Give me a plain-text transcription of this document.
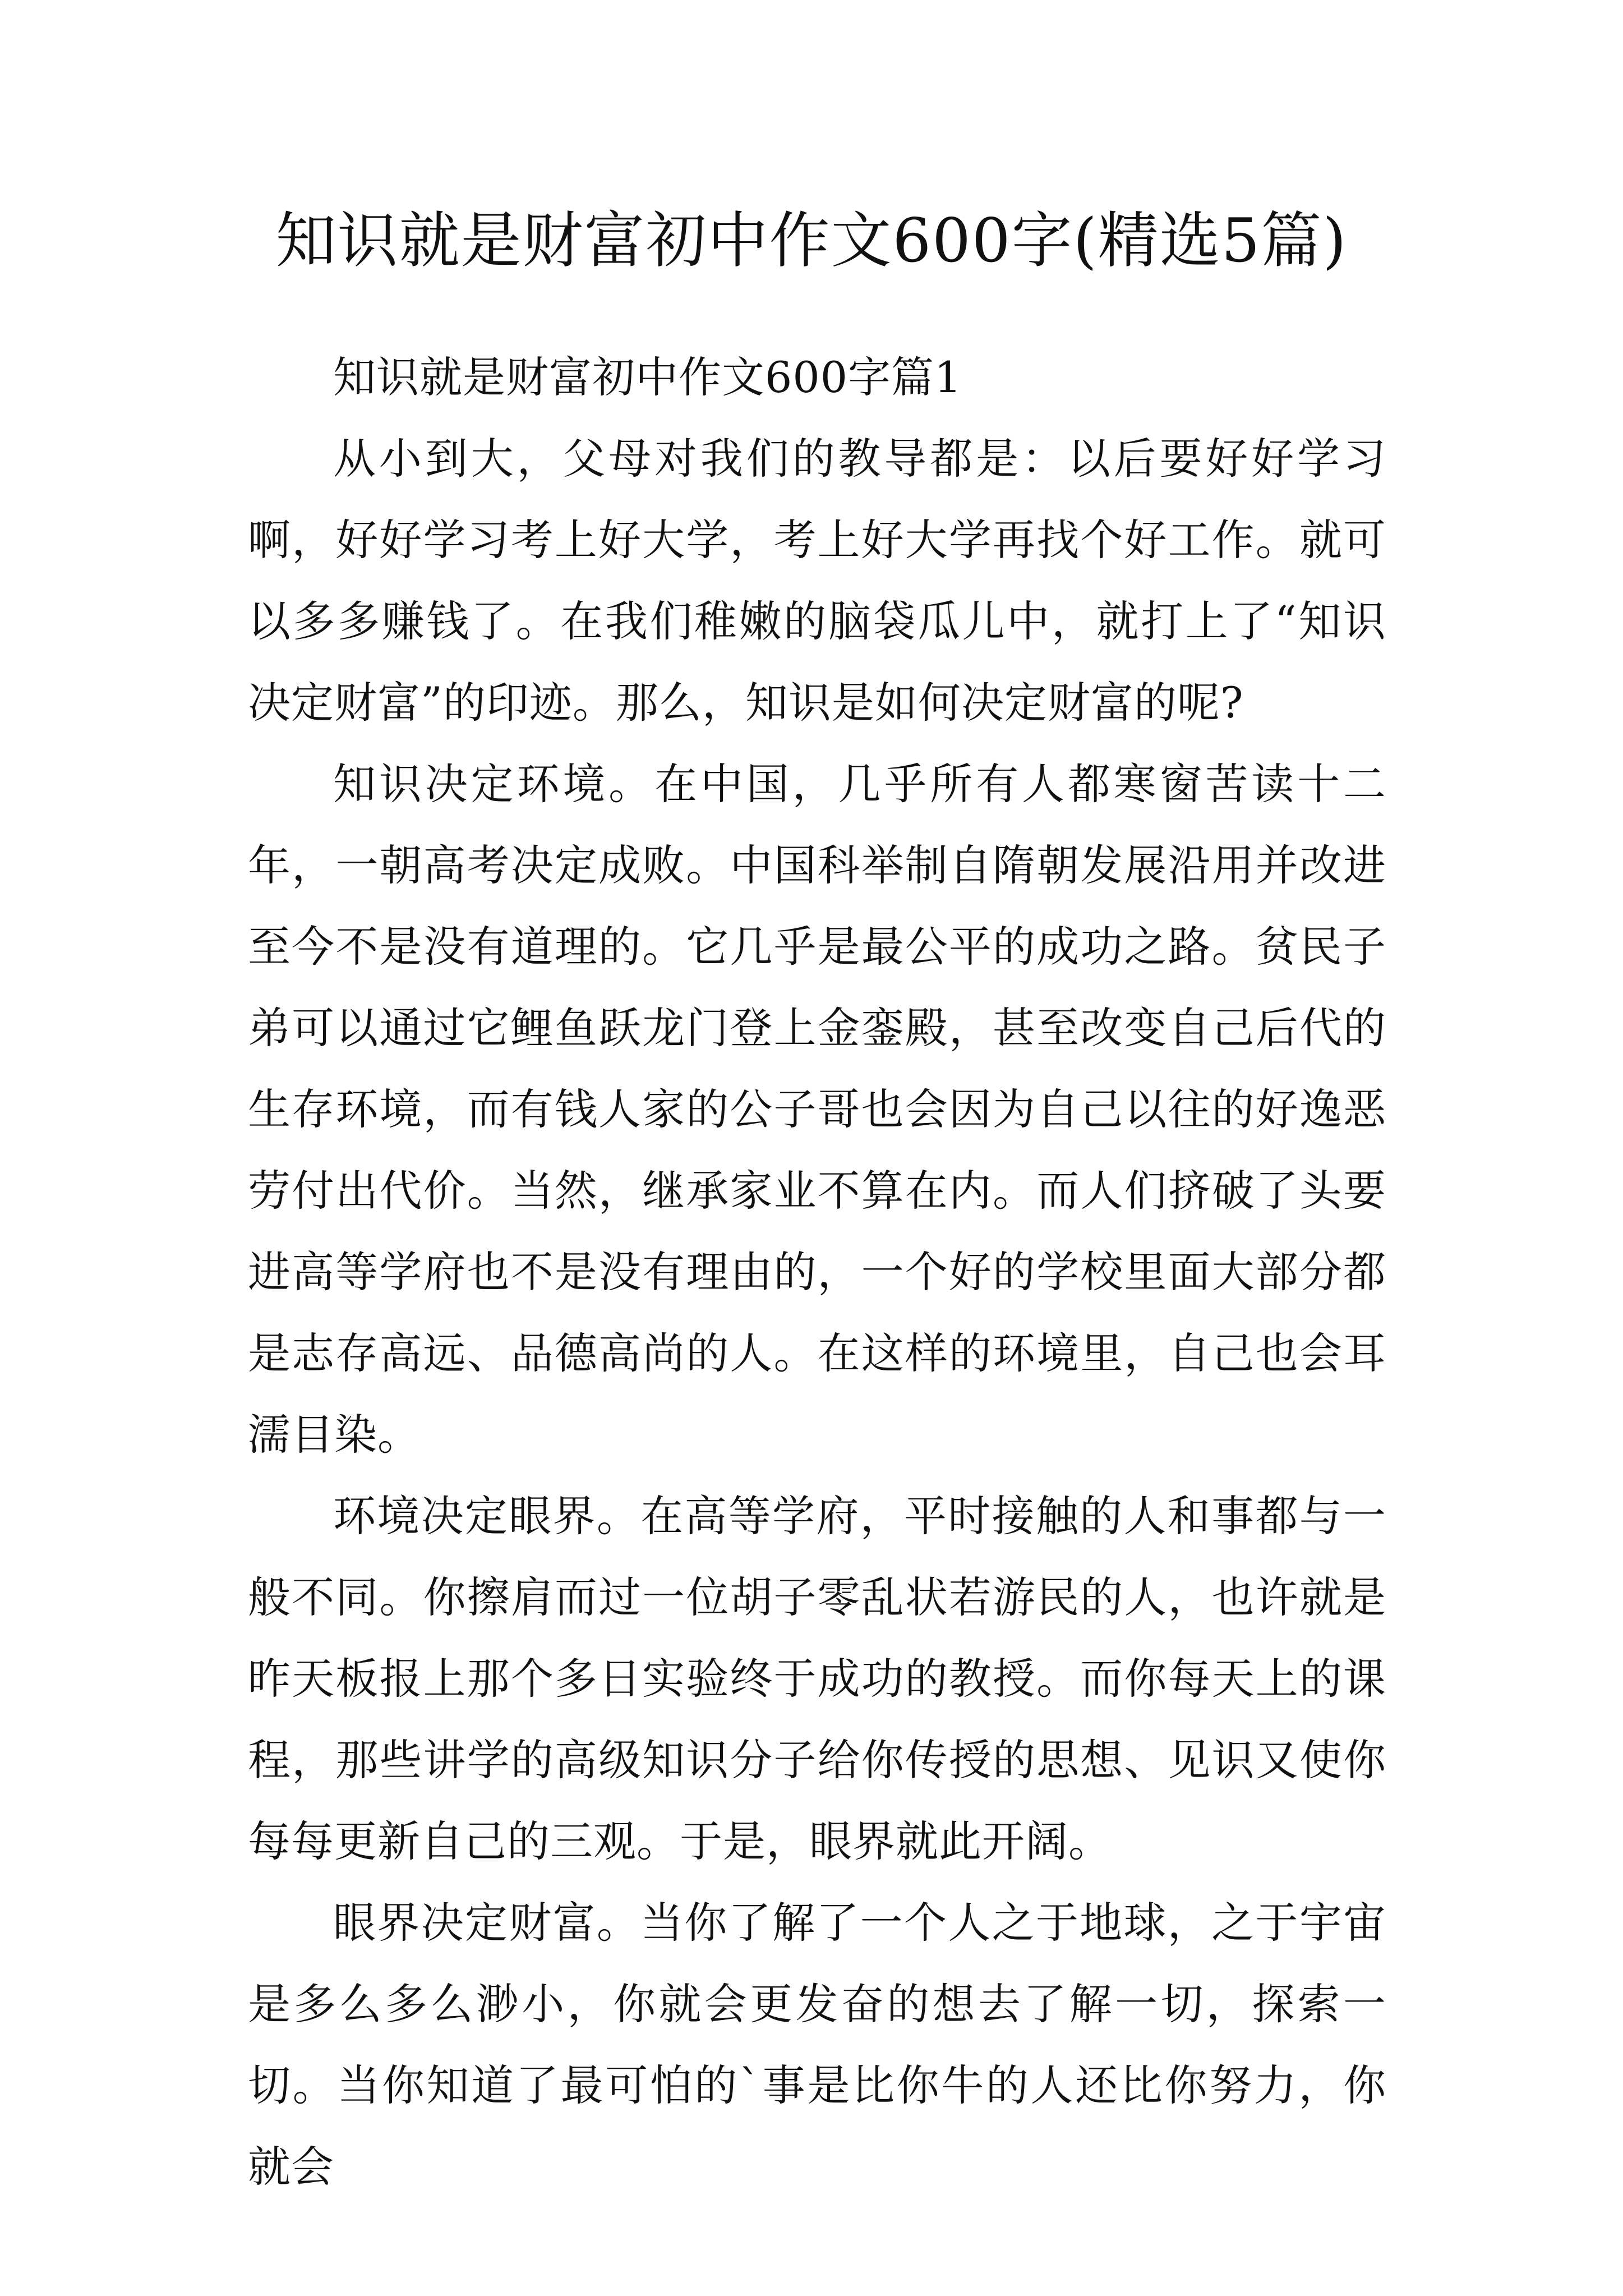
知识就是财富初中作文600字(精选5篇)

知识就是财富初中作文600字篇1

从小到大，父母对我们的教导都是：以后要好好学习啊，好好学习考上好大学，考上好大学再找个好工作。就可以多多赚钱了。在我们稚嫩的脑袋瓜儿中，就打上了“知识决定财富”的印迹。那么，知识是如何决定财富的呢?

知识决定环境。在中国，几乎所有人都寒窗苦读十二年，一朝高考决定成败。中国科举制自隋朝发展沿用并改进至今不是没有道理的。它几乎是最公平的成功之路。贫民子弟可以通过它鲤鱼跃龙门登上金銮殿，甚至改变自己后代的生存环境，而有钱人家的公子哥也会因为自己以往的好逸恶劳付出代价。当然，继承家业不算在内。而人们挤破了头要进高等学府也不是没有理由的，一个好的学校里面大部分都是志存高远、品德高尚的人。在这样的环境里，自己也会耳濡目染。

环境决定眼界。在高等学府，平时接触的人和事都与一般不同。你擦肩而过一位胡子零乱状若游民的人，也许就是昨天板报上那个多日实验终于成功的教授。而你每天上的课程，那些讲学的高级知识分子给你传授的思想、见识又使你每每更新自己的三观。于是，眼界就此开阔。

眼界决定财富。当你了解了一个人之于地球，之于宇宙是多么多么渺小，你就会更发奋的想去了解一切，探索一切。当你知道了最可怕的`事是比你牛的人还比你努力，你就会
